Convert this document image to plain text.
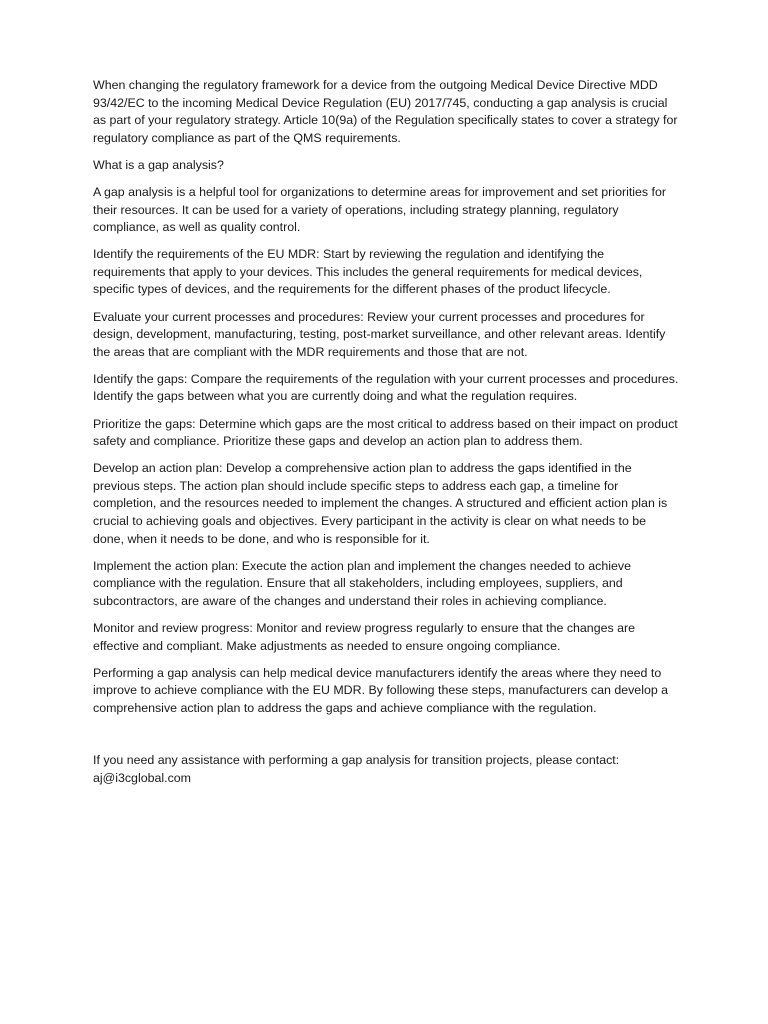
When changing the regulatory framework for a device from the outgoing Medical Device Directive MDD 93/42/EC to the incoming Medical Device Regulation (EU) 2017/745, conducting a gap analysis is crucial as part of your regulatory strategy. Article 10(9a) of the Regulation specifically states to cover a strategy for regulatory compliance as part of the QMS requirements.

What is a gap analysis?

A gap analysis is a helpful tool for organizations to determine areas for improvement and set priorities for their resources. It can be used for a variety of operations, including strategy planning, regulatory compliance, as well as quality control.

Identify the requirements of the EU MDR: Start by reviewing the regulation and identifying the requirements that apply to your devices. This includes the general requirements for medical devices, specific types of devices, and the requirements for the different phases of the product lifecycle.

Evaluate your current processes and procedures: Review your current processes and procedures for design, development, manufacturing, testing, post-market surveillance, and other relevant areas. Identify the areas that are compliant with the MDR requirements and those that are not.

Identify the gaps: Compare the requirements of the regulation with your current processes and procedures. Identify the gaps between what you are currently doing and what the regulation requires.

Prioritize the gaps: Determine which gaps are the most critical to address based on their impact on product safety and compliance. Prioritize these gaps and develop an action plan to address them.

Develop an action plan: Develop a comprehensive action plan to address the gaps identified in the previous steps. The action plan should include specific steps to address each gap, a timeline for completion, and the resources needed to implement the changes. A structured and efficient action plan is crucial to achieving goals and objectives. Every participant in the activity is clear on what needs to be done, when it needs to be done, and who is responsible for it.

Implement the action plan: Execute the action plan and implement the changes needed to achieve compliance with the regulation. Ensure that all stakeholders, including employees, suppliers, and subcontractors, are aware of the changes and understand their roles in achieving compliance.

Monitor and review progress: Monitor and review progress regularly to ensure that the changes are effective and compliant. Make adjustments as needed to ensure ongoing compliance.

Performing a gap analysis can help medical device manufacturers identify the areas where they need to improve to achieve compliance with the EU MDR. By following these steps, manufacturers can develop a comprehensive action plan to address the gaps and achieve compliance with the regulation.

If you need any assistance with performing a gap analysis for transition projects, please contact:
aj@i3cglobal.com
